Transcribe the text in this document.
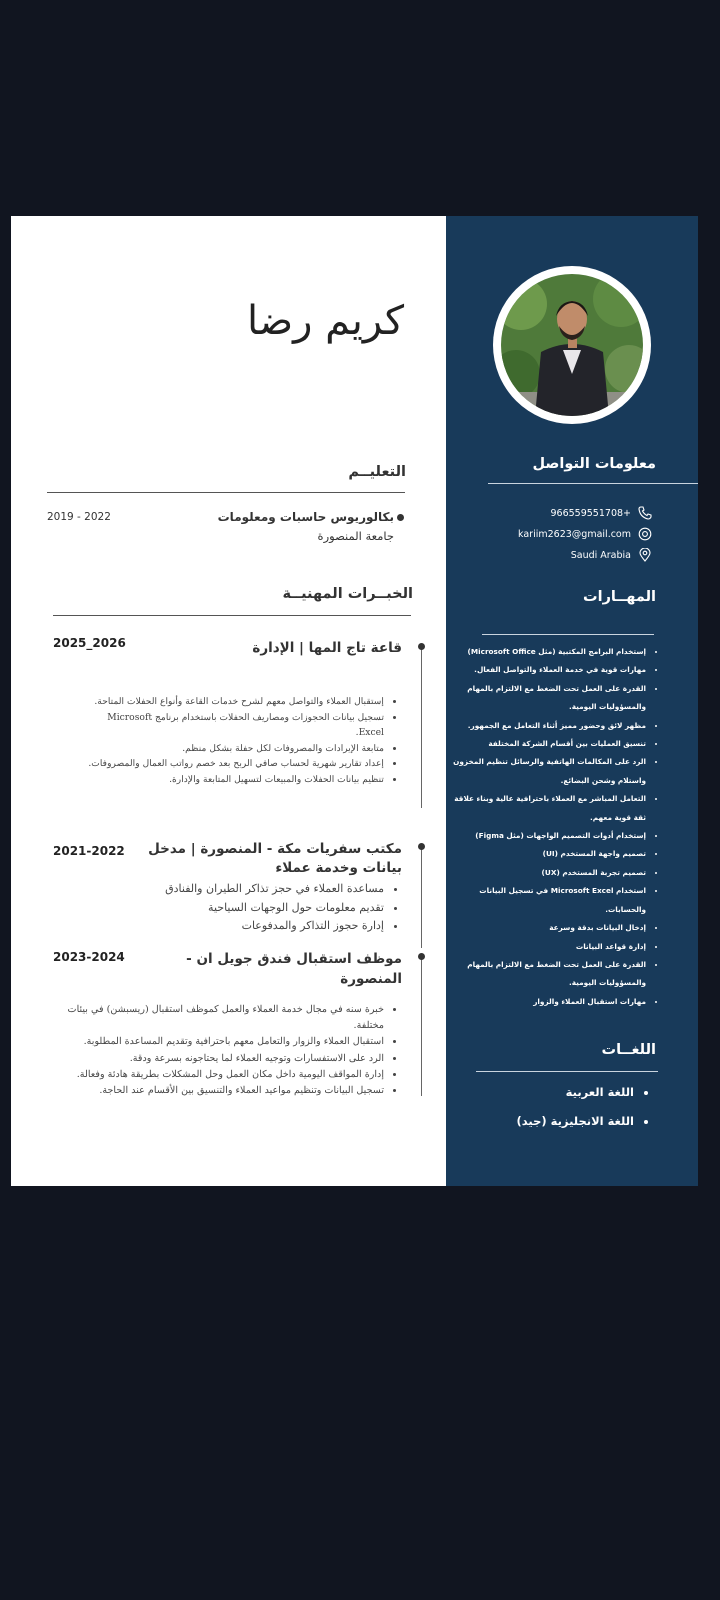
كريم رضا
التعليــم
بكالوريوس حاسبات ومعلومات
جامعة المنصورة
2019 - 2022
الخبــرات المهنيــة
قاعة تاج المها | الإدارة
2025_2026
• إستقبال العملاء والتواصل معهم لشرح خدمات القاعة وأنواع الحفلات المتاحة.
• تسجيل بيانات الحجوزات ومصاريف الحفلات باستخدام برنامج Microsoft Excel.
• متابعة الإيرادات والمصروفات لكل حفلة بشكل منظم.
• إعداد تقارير شهرية لحساب صافي الربح بعد خصم رواتب العمال والمصروفات.
• تنظيم بيانات الحفلات والمبيعات لتسهيل المتابعة والإدارة.
مكتب سفريات مكة - المنصورة | مدخل بيانات وخدمة عملاء
2021-2022
• مساعدة العملاء في حجز تذاكر الطيران والفنادق
• تقديم معلومات حول الوجهات السياحية
• إدارة حجوز التذاكر والمدفوعات
موظف استقبال فندق جويل ان - المنصورة
2023-2024
• خبرة سنه في مجال خدمة العملاء والعمل كموظف استقبال (ريسبشن) في بيئات مختلفة.
• استقبال العملاء والزوار والتعامل معهم باحترافية وتقديم المساعدة المطلوبة.
• الرد على الاستفسارات وتوجيه العملاء لما يحتاجونه بسرعة ودقة.
• إدارة المواقف اليومية داخل مكان العمل وحل المشكلات بطريقة هادئة وفعالة.
• تسجيل البيانات وتنظيم مواعيد العملاء والتنسيق بين الأقسام عند الحاجة.
معلومات التواصل
+966559551708
kariim2623@gmail.com
Saudi Arabia
المهــارات
• إستخدام البرامج المكتبية (مثل Microsoft Office)
• مهارات قوية في خدمة العملاء والتواصل الفعال.
• القدرة على العمل تحت الضغط مع الالتزام بالمهام والمسؤوليات اليومية.
• مظهر لائق وحضور مميز أثناء التعامل مع الجمهور.
• تنسيق العمليات بين أقسام الشركة المختلفة
• الرد على المكالمات الهاتفية والرسائل تنظيم المخزون واستلام وشحن البضائع.
• التعامل المباشر مع العملاء باحترافية عالية وبناء علاقة ثقة قوية معهم.
• إستخدام أدوات التصميم الواجهات (مثل Figma)
• تصميم واجهة المستخدم (UI)
• تصميم تجربة المستخدم (UX)
• استخدام Microsoft Excel في تسجيل البيانات والحسابات.
• إدخال البيانات بدقة وسرعة
• إدارة قواعد البيانات
• القدرة على العمل تحت الضغط مع الالتزام بالمهام والمسؤوليات اليومية.
• مهارات استقبال العملاء والزوار
اللغــات
• اللغة العربية
• اللغة الانجليزية (جيد)
